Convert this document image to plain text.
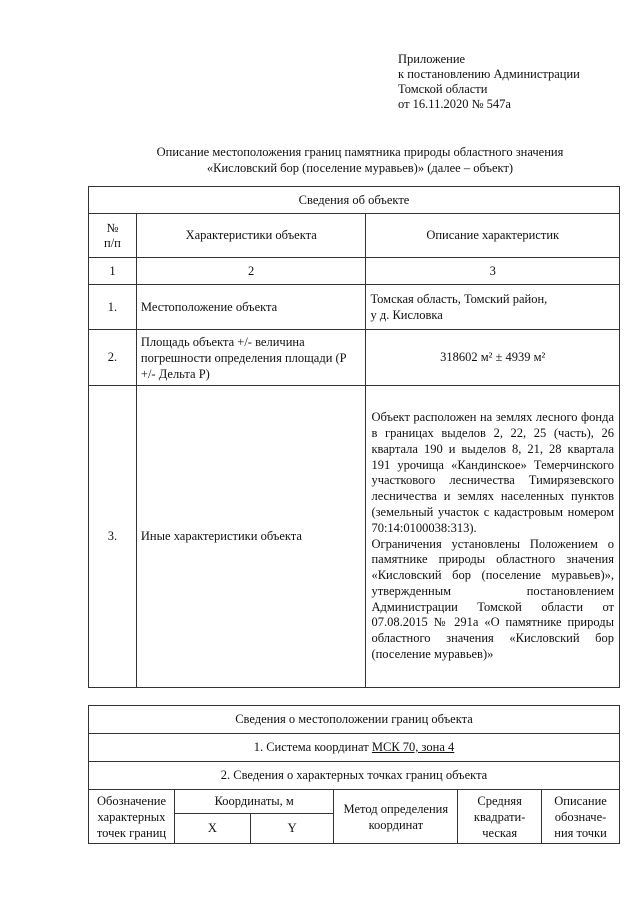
Приложение
к постановлению Администрации
Томской области
от 16.11.2020 № 547а
Описание местоположения границ памятника природы областного значения
«Кисловский бор (поселение муравьев)» (далее – объект)
Сведения об объекте		
№
п/п	Характеристики объекта	Описание характеристик
1	2	3
1.	Местоположение объекта	Томская область, Томский район,
у д. Кисловка
2.	Площадь объекта +/- величина погрешности определения площади (Р +/- Дельта Р)	318602 м² ± 4939 м²
3.	Иные характеристики объекта	Объект расположен на землях лесного фонда в границах выделов 2, 22, 25 (часть), 26 квартала 190 и выделов 8, 21, 28 квартала 191 урочища «Кандинское» Темерчинского участкового лесничества Тимирязевского лесничества и землях населенных пунктов (земельный участок с кадастровым номером 70:14:0100038:313).
Ограничения установлены Положением о памятнике природы областного значения «Кисловский бор (поселение муравьев)», утвержденным постановлением Администрации Томской области от 07.08.2015 № 291а «О памятнике природы областного значения «Кисловский бор (поселение муравьев)»
Сведения о местоположении границ объекта					
1. Система координат МСК 70, зона 4					
2. Сведения о характерных точках границ объекта					
Обозначение характерных точек границ	Координаты, м		Метод определения координат	Средняя квадрати-ческая	Описание обозначе-ния точки
	X	Y			
